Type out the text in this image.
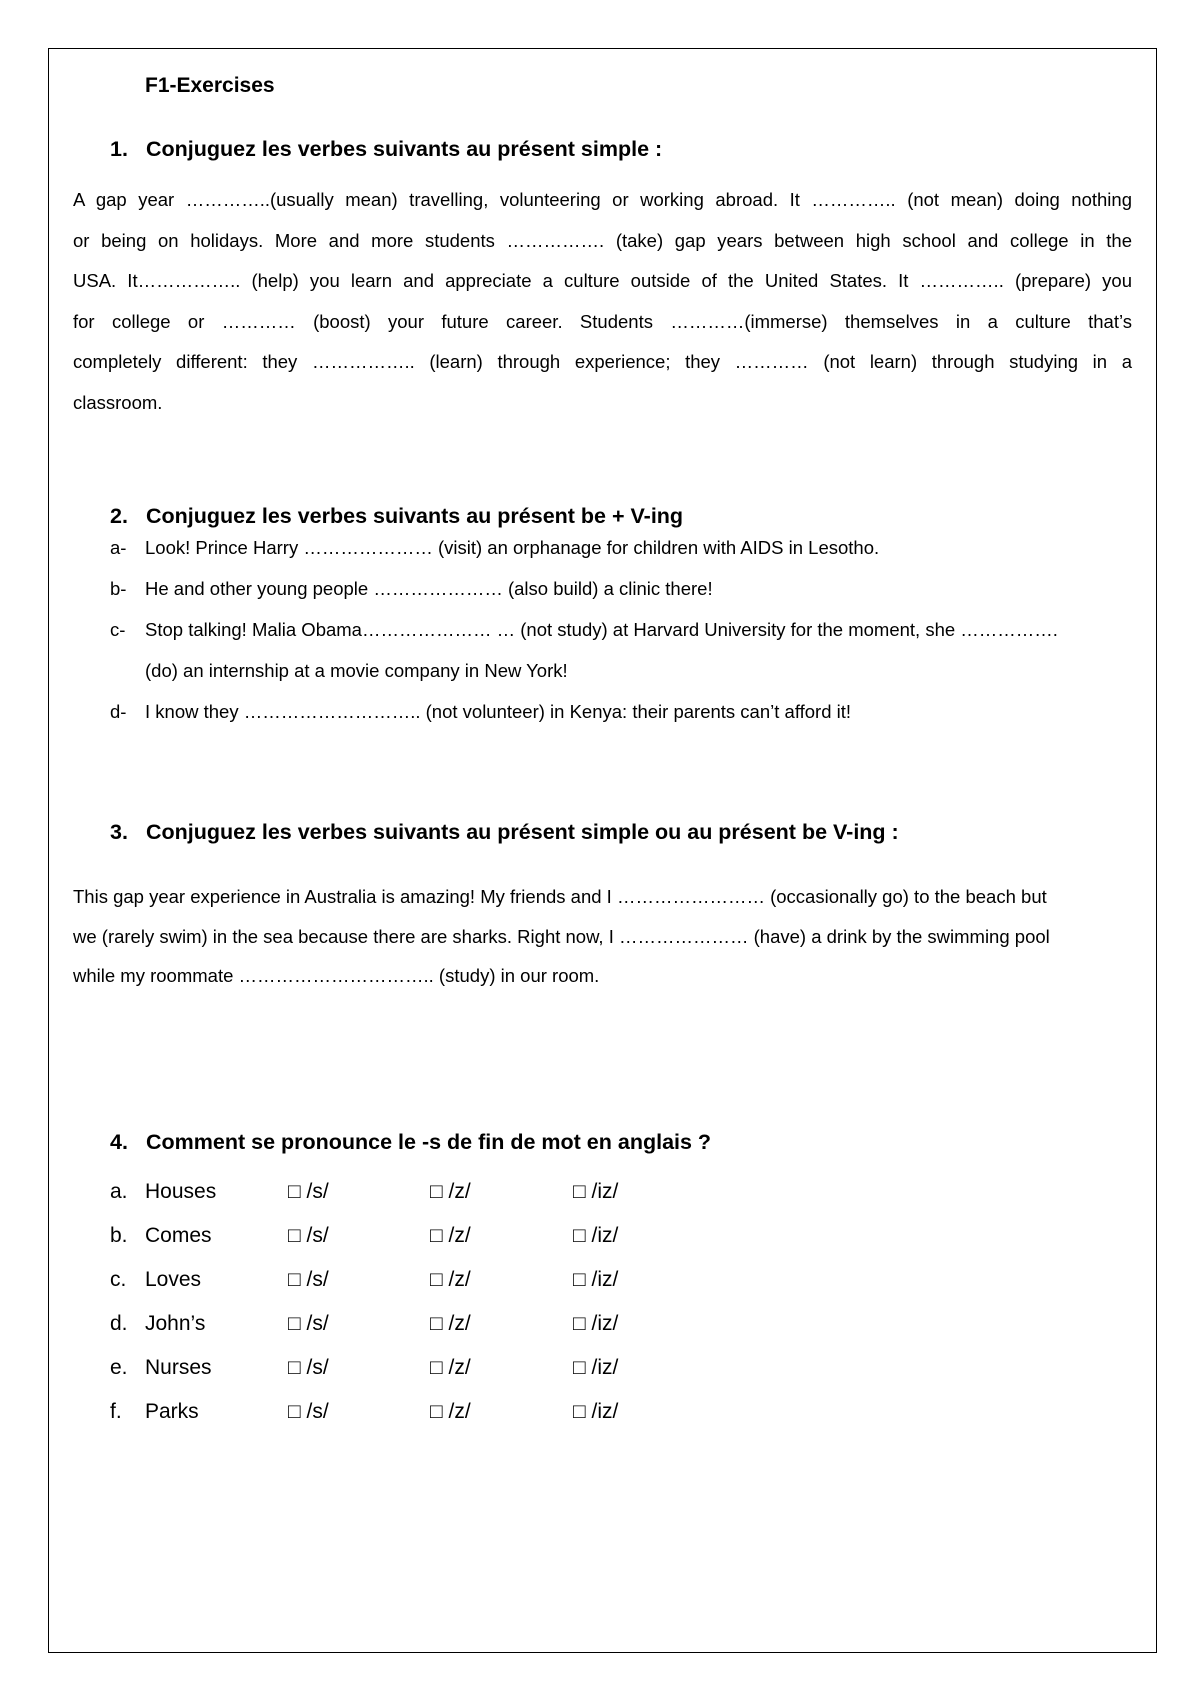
F1-Exercises
1. Conjuguez les verbes suivants au présent simple :
A gap year …………..(usually mean) travelling, volunteering or working abroad. It ………….. (not mean) doing nothing
or being on holidays. More and more students ……………. (take) gap years between high school and college in the
USA. It…………….. (help) you learn and appreciate a culture outside of the United States. It ………….. (prepare) you
for college or ………… (boost) your future career. Students …………(immerse) themselves in a culture that’s
completely different: they …………….. (learn) through experience; they ………… (not learn) through studying in a
classroom.
2. Conjuguez les verbes suivants au présent be + V-ing
a- Look! Prince Harry ………………… (visit) an orphanage for children with AIDS in Lesotho.
b- He and other young people ………………… (also build) a clinic there!
c- Stop talking! Malia Obama………………… … (not study) at Harvard University for the moment, she …………….
(do) an internship at a movie company in New York!
d- I know they ……………………….. (not volunteer) in Kenya: their parents can’t afford it!
3. Conjuguez les verbes suivants au présent simple ou au présent be V-ing :
This gap year experience in Australia is amazing! My friends and I …………………… (occasionally go) to the beach but
we (rarely swim) in the sea because there are sharks. Right now, I ………………… (have) a drink by the swimming pool
while my roommate ………………………….. (study) in our room.
4. Comment se pronounce le -s de fin de mot en anglais ?
a. Houses	□ /s/	□ /z/	□ /iz/
b. Comes	□ /s/	□ /z/	□ /iz/
c. Loves	□ /s/	□ /z/	□ /iz/
d. John’s	□ /s/	□ /z/	□ /iz/
e. Nurses	□ /s/	□ /z/	□ /iz/
f. Parks	□ /s/	□ /z/	□ /iz/
